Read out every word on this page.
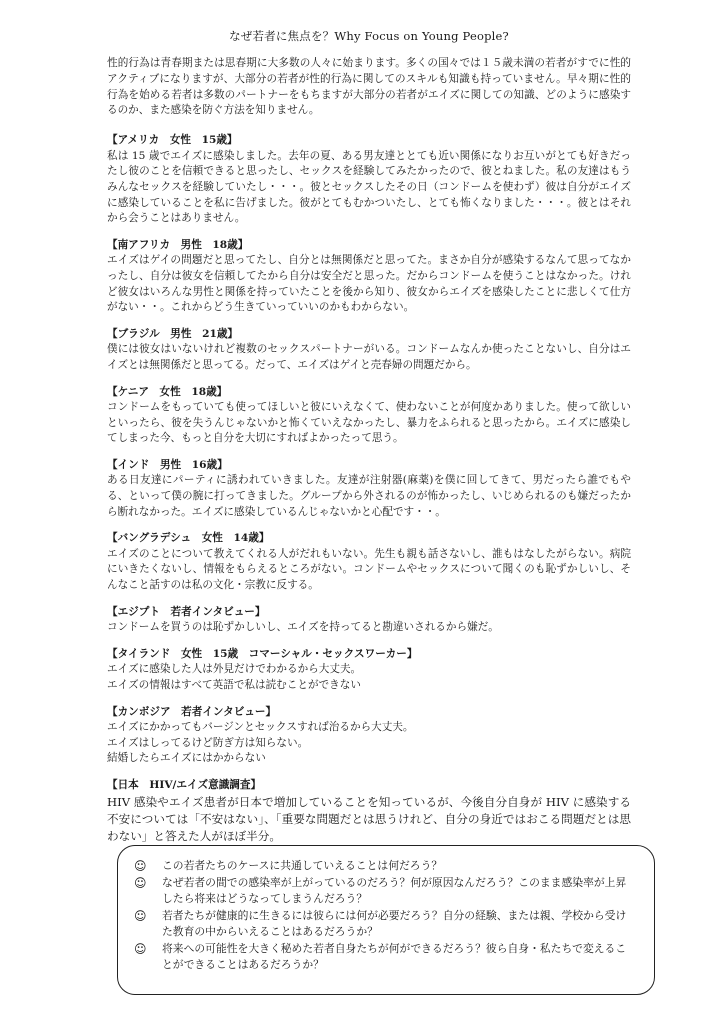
なぜ若者に焦点を？Why Focus on Young People?

性的行為は青春期または思春期に大多数の人々に始まります。多くの国々では１５歳未満の若者がすでに性的アクティブになりますが、大部分の若者が性的行為に関してのスキルも知識も持っていません。早々期に性的行為を始める若者は多数のパートナーをもちますが大部分の若者がエイズに関しての知識、どのように感染するのか、また感染を防ぐ方法を知りません。

【アメリカ　女性　15歳】

私は 15 歳でエイズに感染しました。去年の夏、ある男友達ととても近い関係になりお互いがとても好きだったし彼のことを信頼できると思ったし、セックスを経験してみたかったので、彼とねました。私の友達はもうみんなセックスを経験していたし・・・。彼とセックスしたその日（コンドームを使わず）彼は自分がエイズに感染していることを私に告げました。彼がとてもむかついたし、とても怖くなりました・・・。彼とはそれから会うことはありません。

【南アフリカ　男性　18歳】

エイズはゲイの問題だと思ってたし、自分とは無関係だと思ってた。まさか自分が感染するなんて思ってなかったし、自分は彼女を信頼してたから自分は安全だと思った。だからコンドームを使うことはなかった。けれど彼女はいろんな男性と関係を持っていたことを後から知り、彼女からエイズを感染したことに悲しくて仕方がない・・。これからどう生きていっていいのかもわからない。

【ブラジル　男性　21歳】

僕には彼女はいないけれど複数のセックスパートナーがいる。コンドームなんか使ったことないし、自分はエイズとは無関係だと思ってる。だって、エイズはゲイと売春婦の問題だから。

【ケニア　女性　18歳】

コンドームをもっていても使ってほしいと彼にいえなくて、使わないことが何度かありました。使って欲しいといったら、彼を失うんじゃないかと怖くていえなかったし、暴力をふられると思ったから。エイズに感染してしまった今、もっと自分を大切にすればよかったって思う。

【インド　男性　16歳】

ある日友達にパーティに誘われていきました。友達が注射器(麻薬)を僕に回してきて、男だったら誰でもやる、といって僕の腕に打ってきました。グループから外されるのが怖かったし、いじめられるのも嫌だったから断れなかった。エイズに感染しているんじゃないかと心配です・・。

【バングラデシュ　女性　14歳】

エイズのことについて教えてくれる人がだれもいない。先生も親も話さないし、誰もはなしたがらない。病院にいきたくないし、情報をもらえるところがない。コンドームやセックスについて聞くのも恥ずかしいし、そんなこと話すのは私の文化・宗教に反する。

【エジプト　若者インタビュー】

コンドームを買うのは恥ずかしいし、エイズを持ってると勘違いされるから嫌だ。

【タイランド　女性　15歳　コマーシャル・セックスワーカー】

エイズに感染した人は外見だけでわかるから大丈夫。
エイズの情報はすべて英語で私は読むことができない

【カンボジア　若者インタビュー】

エイズにかかってもバージンとセックスすれば治るから大丈夫。
エイズはしってるけど防ぎ方は知らない。
結婚したらエイズにはかからない

【日本　HIV/エイズ意識調査】

HIV 感染やエイズ患者が日本で増加していることを知っているが、今後自分自身が HIV に感染する不安については「不安はない」、「重要な問題だとは思うけれど、自分の身近ではおこる問題だとは思わない」と答えた人がほぼ半分。

☺	この若者たちのケースに共通していえることは何だろう？
☺	なぜ若者の間での感染率が上がっているのだろう？何が原因なんだろう？このまま感染率が上昇したら将来はどうなってしまうんだろう？
☺	若者たちが健康的に生きるには彼らには何が必要だろう？自分の経験、または親、学校から受けた教育の中からいえることはあるだろうか？
☺	将来への可能性を大きく秘めた若者自身たちが何ができるだろう？彼ら自身・私たちで変えることができることはあるだろうか？
